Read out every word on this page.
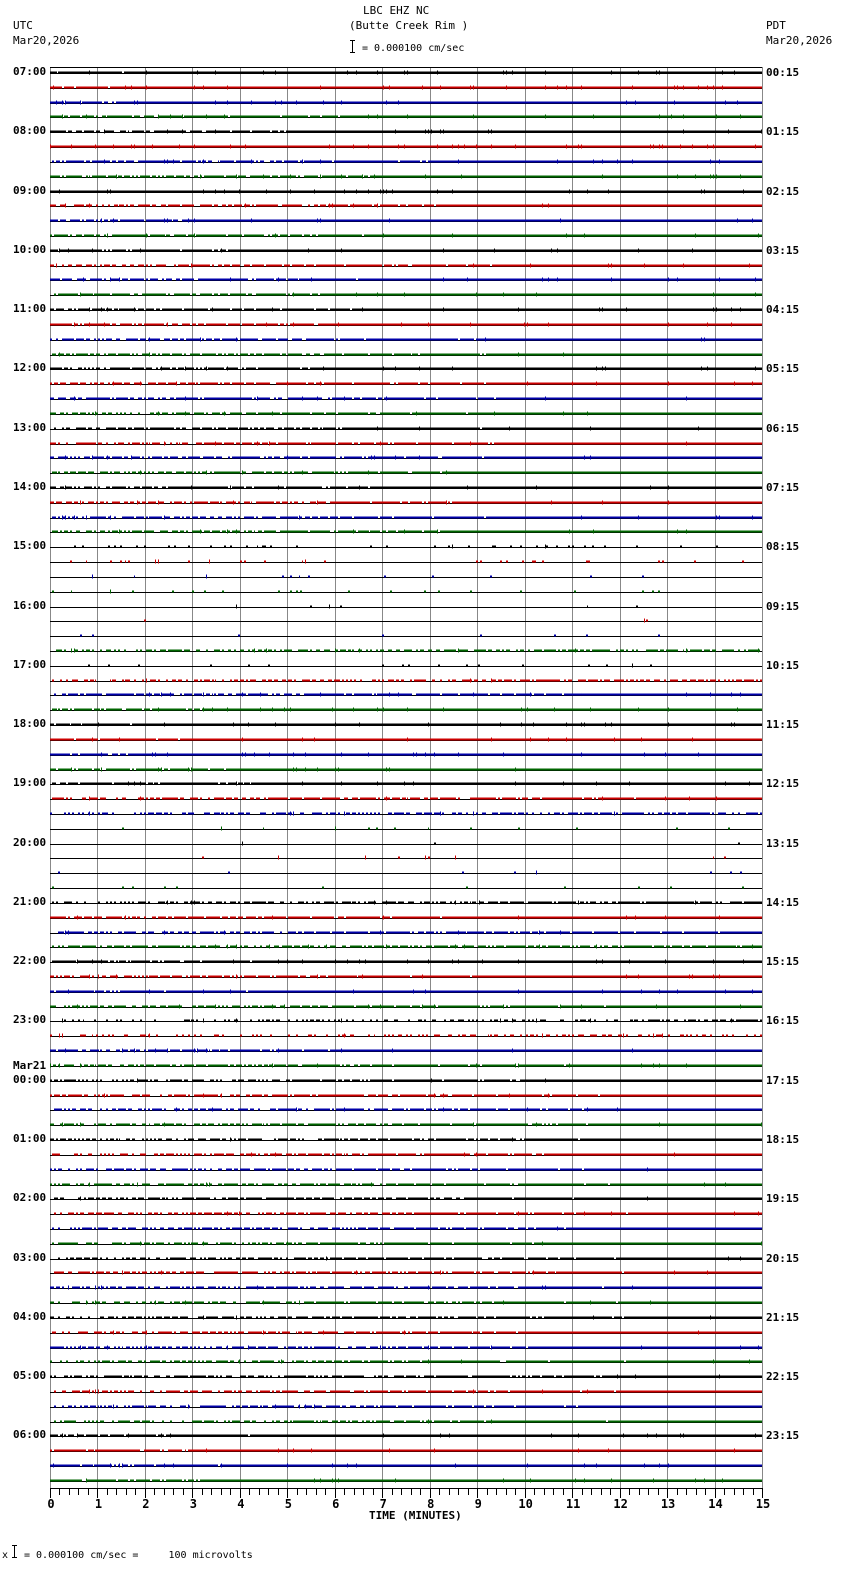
LBC EHZ NC
(Butte Creek Rim )
= 0.000100 cm/sec
UTC
Mar20,2026
PDT
Mar20,2026
07:00
08:00
09:00
10:00
11:00
12:00
13:00
14:00
15:00
16:00
17:00
18:00
19:00
20:00
21:00
22:00
23:00
00:00
Mar21
01:00
02:00
03:00
04:00
05:00
06:00
00:15
01:15
02:15
03:15
04:15
05:15
06:15
07:15
08:15
09:15
10:15
11:15
12:15
13:15
14:15
15:15
16:15
17:15
18:15
19:15
20:15
21:15
22:15
23:15
TIME (MINUTES)
x = 0.000100 cm/sec =     100 microvolts
0	1	2	3	4	5	6	7	8	9	10	11	12	13	14	15
